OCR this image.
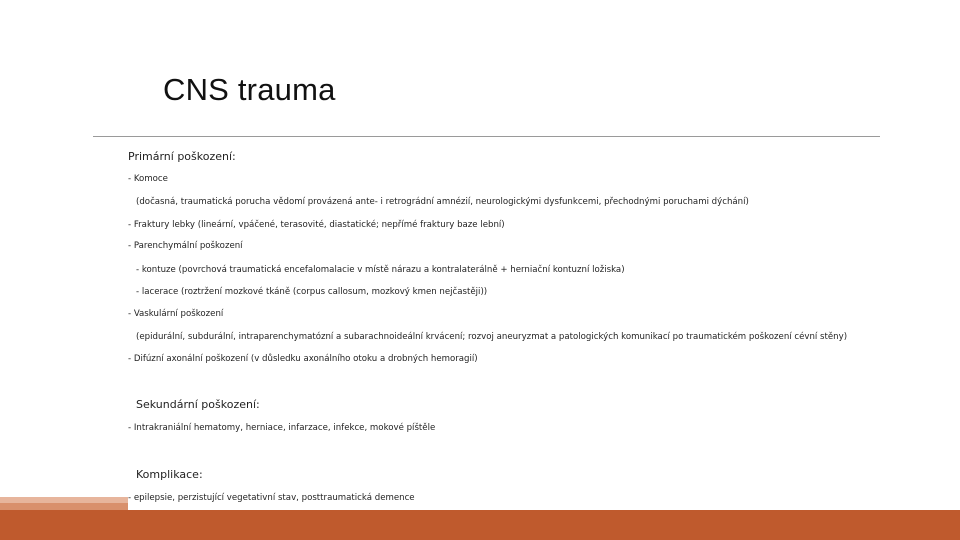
CNS trauma
Primární poškození:
- Komoce
(dočasná, traumatická porucha vědomí provázená ante- i retrográdní amnézií, neurologickými dysfunkcemi, přechodnými poruchami dýchání)
- Fraktury lebky (lineární, vpáčené, terasovité, diastatické; nepřímé fraktury baze lební)
- Parenchymální poškození
- kontuze (povrchová traumatická encefalomalacie v místě nárazu a kontralaterálně + herniační kontuzní ložiska)
- lacerace (roztržení mozkové tkáně (corpus callosum, mozkový kmen nejčastěji))
- Vaskulární poškození
(epidurální, subdurální, intraparenchymatózní a subarachnoideální krvácení; rozvoj aneuryzmat a patologických komunikací po traumatickém poškození cévní stěny)
- Difúzní axonální poškození (v důsledku axonálního otoku a drobných hemoragií)
Sekundární poškození:
- Intrakraniální hematomy, herniace, infarzace, infekce, mokové píštěle
Komplikace:
- epilepsie, perzistující vegetativní stav, posttraumatická demence
